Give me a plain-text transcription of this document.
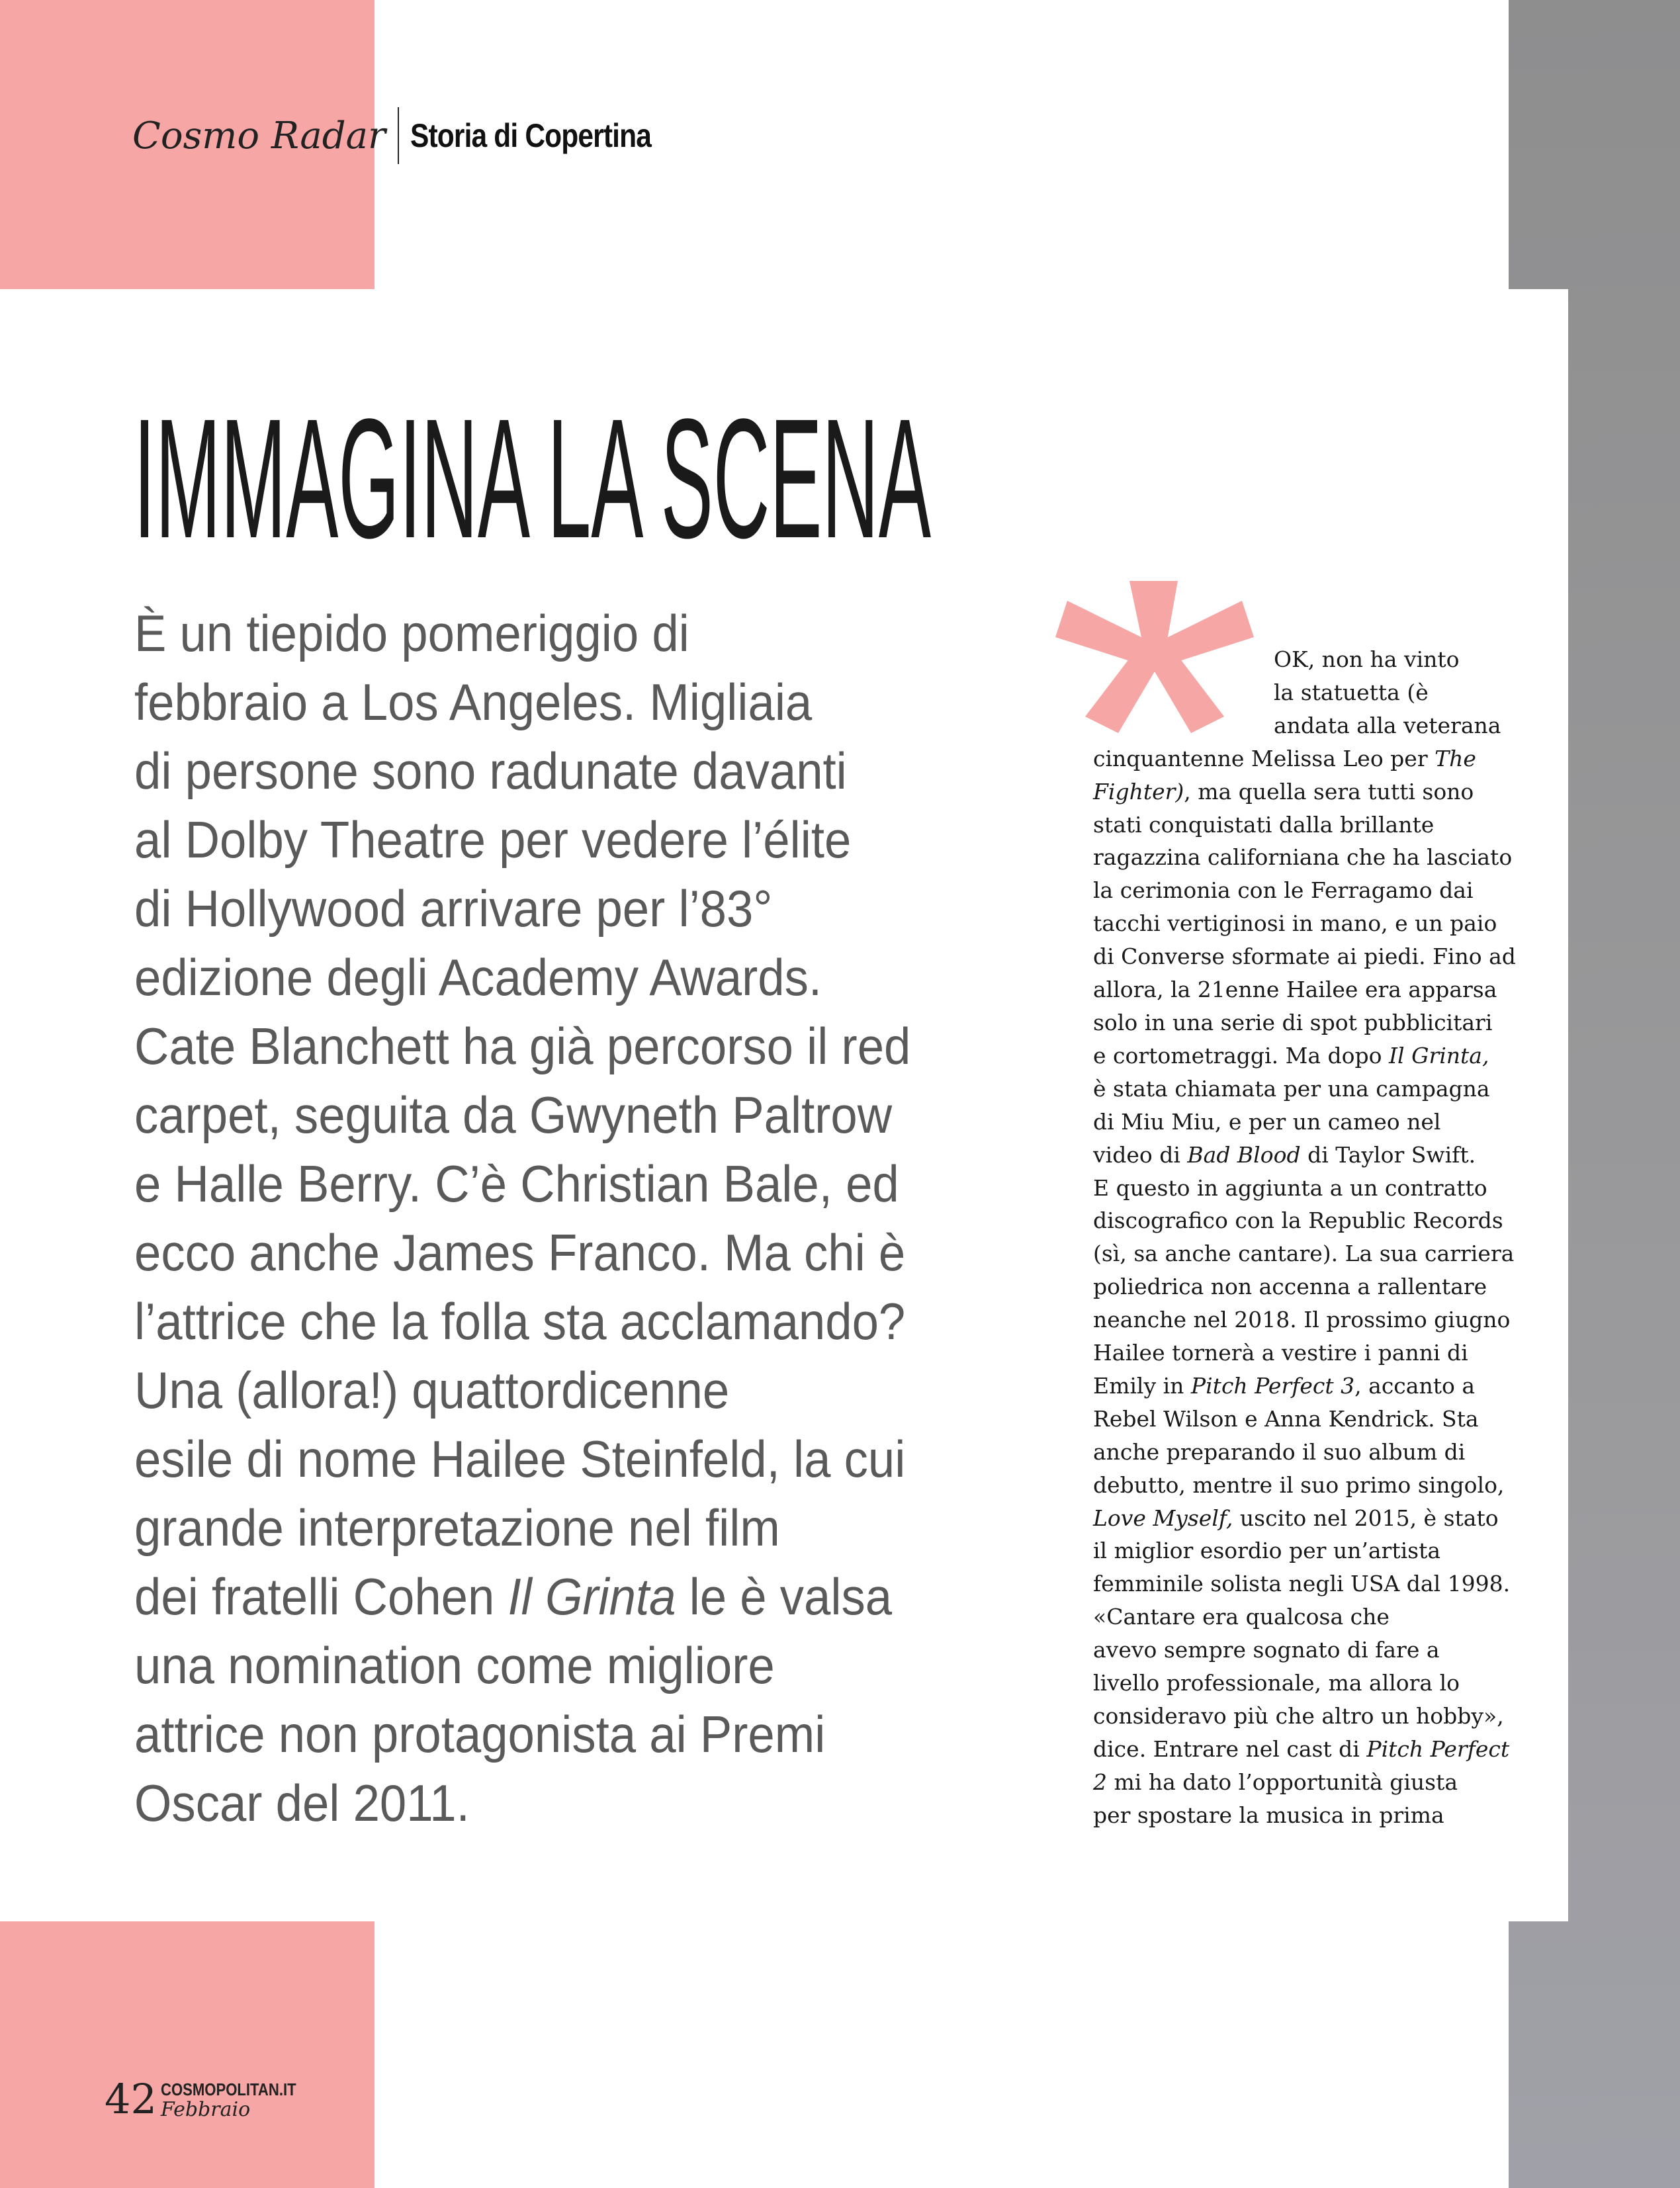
Cosmo Radar Storia di Copertina
IMMAGINA LA SCENA
È un tiepido pomeriggio di
febbraio a Los Angeles. Migliaia
di persone sono radunate davanti
al Dolby Theatre per vedere l’élite
di Hollywood arrivare per l’83°
edizione degli Academy Awards.
Cate Blanchett ha già percorso il red
carpet, seguita da Gwyneth Paltrow
e Halle Berry. C’è Christian Bale, ed
ecco anche James Franco. Ma chi è
l’attrice che la folla sta acclamando?
Una (allora!) quattordicenne
esile di nome Hailee Steinfeld, la cui
grande interpretazione nel film
dei fratelli Cohen Il Grinta le è valsa
una nomination come migliore
attrice non protagonista ai Premi
Oscar del 2011.
OK, non ha vinto
la statuetta (è
andata alla veterana
cinquantenne Melissa Leo per The
Fighter), ma quella sera tutti sono
stati conquistati dalla brillante
ragazzina californiana che ha lasciato
la cerimonia con le Ferragamo dai
tacchi vertiginosi in mano, e un paio
di Converse sformate ai piedi. Fino ad
allora, la 21enne Hailee era apparsa
solo in una serie di spot pubblicitari
e cortometraggi. Ma dopo Il Grinta,
è stata chiamata per una campagna
di Miu Miu, e per un cameo nel
video di Bad Blood di Taylor Swift.
E questo in aggiunta a un contratto
discografico con la Republic Records
(sì, sa anche cantare). La sua carriera
poliedrica non accenna a rallentare
neanche nel 2018. Il prossimo giugno
Hailee tornerà a vestire i panni di
Emily in Pitch Perfect 3, accanto a
Rebel Wilson e Anna Kendrick. Sta
anche preparando il suo album di
debutto, mentre il suo primo singolo,
Love Myself, uscito nel 2015, è stato
il miglior esordio per un’artista
femminile solista negli USA dal 1998.
«Cantare era qualcosa che
avevo sempre sognato di fare a
livello professionale, ma allora lo
consideravo più che altro un hobby»,
dice. Entrare nel cast di Pitch Perfect
2 mi ha dato l’opportunità giusta
per spostare la musica in prima
42 COSMOPOLITAN.IT
Febbraio
